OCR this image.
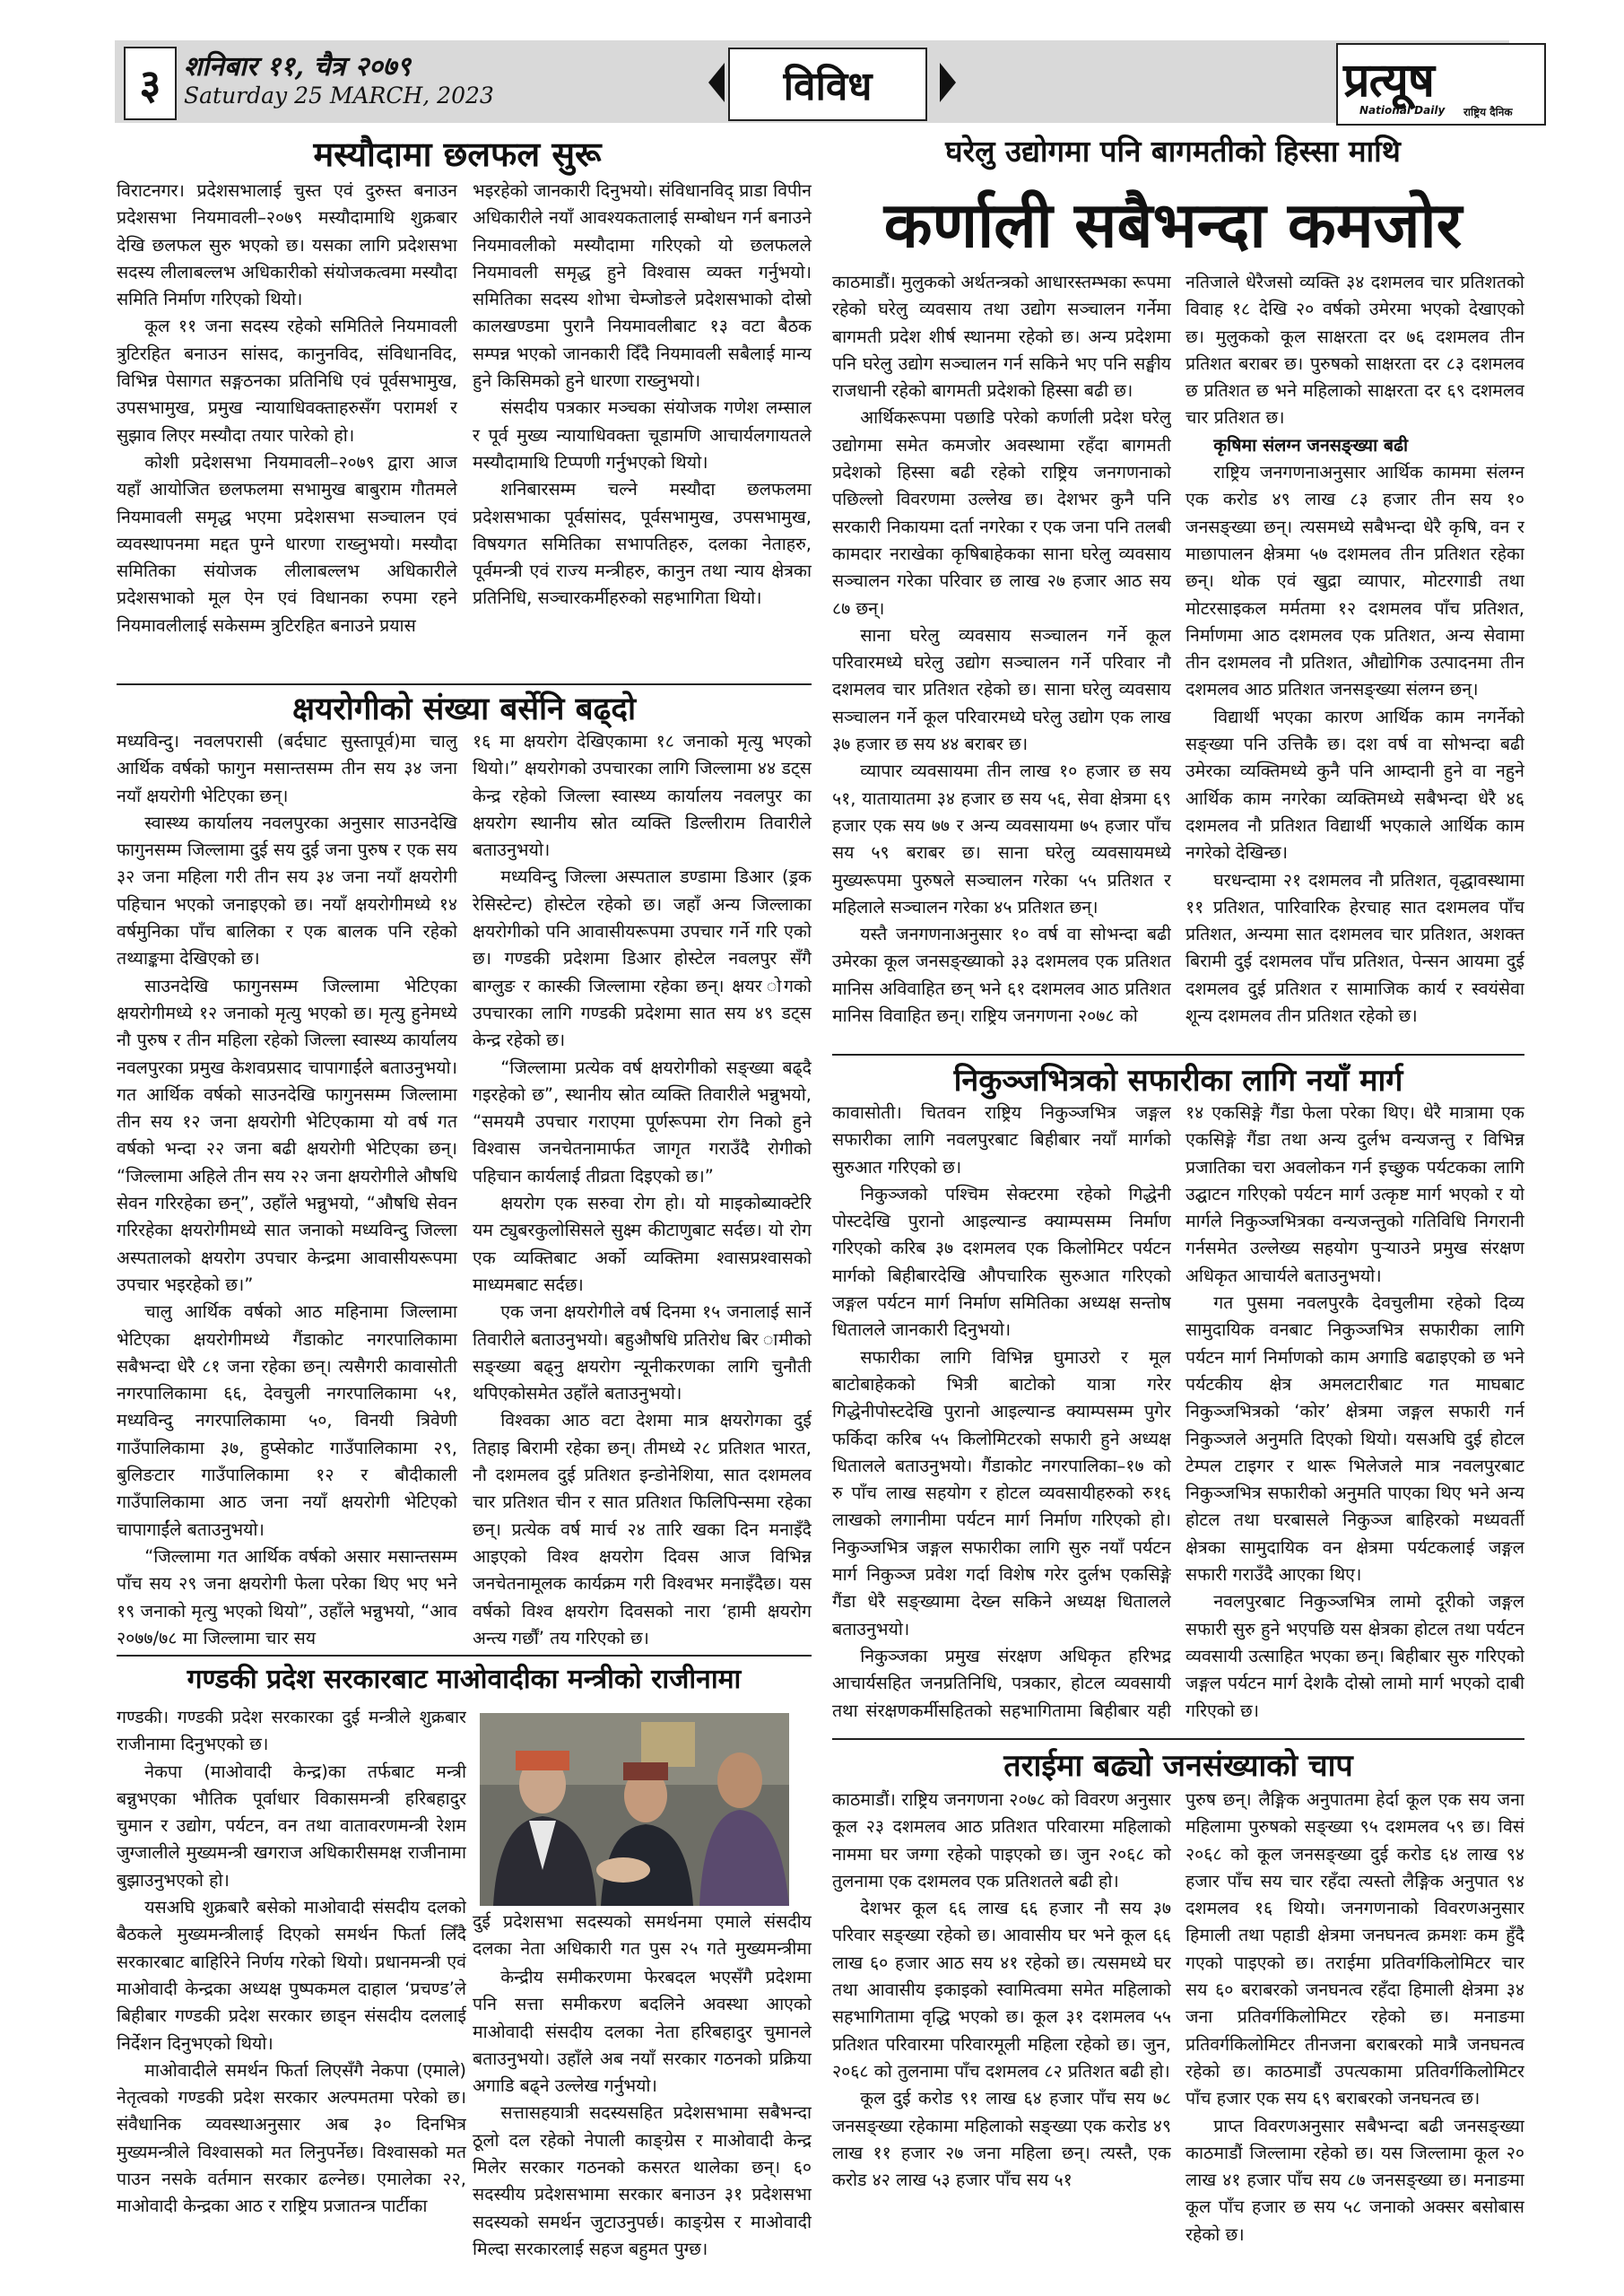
३ शनिबार ११, चैत्र २०७९
Saturday 25 MARCH, 2023	विविध	प्रत्यूष
National Daily राष्ट्रिय दैनिक
मस्यौदामा छलफल सुरू

विराटनगर। प्रदेशसभालाई चुस्त एवं दुरुस्त बनाउन प्रदेशसभा नियमावली–२०७९ मस्यौदामाथि शुक्रबार देखि छलफल सुरु भएको छ। यसका लागि प्रदेशसभा सदस्य लीलाबल्लभ अधिकारीको संयोजकत्वमा मस्यौदा समिति निर्माण गरिएको थियो।

कूल ११ जना सदस्य रहेको समितिले नियमावली त्रुटिरहित बनाउन सांसद, कानुनविद, संविधानविद, विभिन्न पेसागत सङ्गठनका प्रतिनिधि एवं पूर्वसभामुख, उपसभामुख, प्रमुख न्यायाधिवक्ताहरुसँग परामर्श र सुझाव लिएर मस्यौदा तयार पारेको हो।

कोशी प्रदेशसभा नियमावली–२०७९ द्वारा आज यहाँ आयोजित छलफलमा सभामुख बाबुराम गौतमले नियमावली समृद्ध भएमा प्रदेशसभा सञ्चालन एवं व्यवस्थापनमा मद्दत पुग्ने धारणा राख्नुभयो। मस्यौदा समितिका संयोजक लीलाबल्लभ अधिकारीले प्रदेशसभाको मूल ऐन एवं विधानका रुपमा रहने नियमावलीलाई सकेसम्म त्रुटिरहित बनाउने प्रयास

भइरहेको जानकारी दिनुभयो। संविधानविद् प्राडा विपीन अधिकारीले नयाँ आवश्यकतालाई सम्बोधन गर्न बनाउने नियमावलीको मस्यौदामा गरिएको यो छलफलले नियमावली समृद्ध हुने विश्वास व्यक्त गर्नुभयो। समितिका सदस्य शोभा चेम्जोङले प्रदेशसभाको दोस्रो कालखण्डमा पुरानै नियमावलीबाट १३ वटा बैठक सम्पन्न भएको जानकारी दिँदै नियमावली सबैलाई मान्य हुने किसिमको हुने धारणा राख्नुभयो।

संसदीय पत्रकार मञ्चका संयोजक गणेश लम्साल र पूर्व मुख्य न्यायाधिवक्ता चूडामणि आचार्यलगायतले मस्यौदामाथि टिप्पणी गर्नुभएको थियो।

शनिबारसम्म चल्ने मस्यौदा छलफलमा प्रदेशसभाका पूर्वसांसद, पूर्वसभामुख, उपसभामुख, विषयगत समितिका सभापतिहरु, दलका नेताहरु, पूर्वमन्त्री एवं राज्य मन्त्रीहरु, कानुन तथा न्याय क्षेत्रका प्रतिनिधि, सञ्चारकर्मीहरुको सहभागिता थियो।

क्षयरोगीको संख्या बर्सेनि बढ्दो

मध्यविन्दु। नवलपरासी (बर्दघाट सुस्तापूर्व)मा चालु आर्थिक वर्षको फागुन मसान्तसम्म तीन सय ३४ जना नयाँ क्षयरोगी भेटिएका छन्।

स्वास्थ्य कार्यालय नवलपुरका अनुसार साउनदेखि फागुनसम्म जिल्लामा दुई सय दुई जना पुरुष र एक सय ३२ जना महिला गरी तीन सय ३४ जना नयाँ क्षयरोगी पहिचान भएको जनाइएको छ। नयाँ क्षयरोगीमध्ये १४ वर्षमुनिका पाँच बालिका र एक बालक पनि रहेको तथ्याङ्कमा देखिएको छ।

साउनदेखि फागुनसम्म जिल्लामा भेटिएका क्षयरोगीमध्ये १२ जनाको मृत्यु भएको छ। मृत्यु हुनेमध्ये नौ पुरुष र तीन महिला रहेको जिल्ला स्वास्थ्य कार्यालय नवलपुरका प्रमुख केशवप्रसाद चापागाईंले बताउनुभयो। गत आर्थिक वर्षको साउनदेखि फागुनसम्म जिल्लामा तीन सय १२ जना क्षयरोगी भेटिएकामा यो वर्ष गत वर्षको भन्दा २२ जना बढी क्षयरोगी भेटिएका छन्। “जिल्लामा अहिले तीन सय २२ जना क्षयरोगीले औषधि सेवन गरिरहेका छन्”, उहाँले भन्नुभयो, “औषधि सेवन गरिरहेका क्षयरोगीमध्ये सात जनाको मध्यविन्दु जिल्ला अस्पतालको क्षयरोग उपचार केन्द्रमा आवासीयरूपमा उपचार भइरहेको छ।”

चालु आर्थिक वर्षको आठ महिनामा जिल्लामा भेटिएका क्षयरोगीमध्ये गैंडाकोट नगरपालिकामा सबैभन्दा धेरै ८१ जना रहेका छन्। त्यसैगरी कावासोती नगरपालिकामा ६६, देवचुली नगरपालिकामा ५१, मध्यविन्दु नगरपालिकामा ५०, विनयी त्रिवेणी गाउँपालिकामा ३७, हुप्सेकोट गाउँपालिकामा २९, बुलिङटार गाउँपालिकामा १२ र बौदीकाली गाउँपालिकामा आठ जना नयाँ क्षयरोगी भेटिएको चापागाईंले बताउनुभयो।

“जिल्लामा गत आर्थिक वर्षको असार मसान्तसम्म पाँच सय २९ जना क्षयरोगी फेला परेका थिए भए भने १९ जनाको मृत्यु भएको थियो”, उहाँले भन्नुभयो, “आव २०७७/७८ मा जिल्लामा चार सय

१६ मा क्षयरोग देखिएकामा १८ जनाको मृत्यु भएको थियो।” क्षयरोगको उपचारका लागि जिल्लामा ४४ डट्स केन्द्र रहेको जिल्ला स्वास्थ्य कार्यालय नवलपुर का क्षयरोग स्थानीय स्रोत व्यक्ति डिल्लीराम तिवारीले बताउनुभयो।

मध्यविन्दु जिल्ला अस्पताल डण्डामा डिआर (ड्रक रेसिस्टेन्ट) होस्टेल रहेको छ। जहाँ अन्य जिल्लाका क्षयरोगीको पनि आवासीयरूपमा उपचार गर्ने गरि एको छ। गण्डकी प्रदेशमा डिआर होस्टेल नवलपुर सँगै बाग्लुङ र कास्की जिल्लामा रहेका छन्। क्षयर ोगको उपचारका लागि गण्डकी प्रदेशमा सात सय ४९ डट्स केन्द्र रहेको छ।

“जिल्लामा प्रत्येक वर्ष क्षयरोगीको सङ्ख्या बढ्दै गइरहेको छ”, स्थानीय स्रोत व्यक्ति तिवारीले भन्नुभयो, “समयमै उपचार गराएमा पूर्णरूपमा रोग निको हुने विश्वास जनचेतनामार्फत जागृत गराउँदै रोगीको पहिचान कार्यलाई तीव्रता दिइएको छ।”

क्षयरोग एक सरुवा रोग हो। यो माइकोब्याक्टेरि यम ट्युबरकुलोसिसले सुक्ष्म कीटाणुबाट सर्दछ। यो रोग एक व्यक्तिबाट अर्को व्यक्तिमा श्वासप्रश्वासको माध्यमबाट सर्दछ।

एक जना क्षयरोगीले वर्ष दिनमा १५ जनालाई सार्ने तिवारीले बताउनुभयो। बहुऔषधि प्रतिरोध बिर ामीको सङ्ख्या बढ्नु क्षयरोग न्यूनीकरणका लागि चुनौती थपिएकोसमेत उहाँले बताउनुभयो।

विश्वका आठ वटा देशमा मात्र क्षयरोगका दुई तिहाइ बिरामी रहेका छन्। तीमध्ये २८ प्रतिशत भारत, नौ दशमलव दुई प्रतिशत इन्डोनेशिया, सात दशमलव चार प्रतिशत चीन र सात प्रतिशत फिलिपिन्समा रहेका छन्। प्रत्येक वर्ष मार्च २४ तारि खका दिन मनाइँदै आइएको विश्व क्षयरोग दिवस आज विभिन्न जनचेतनामूलक कार्यक्रम गरी विश्वभर मनाइँदैछ। यस वर्षको विश्व क्षयरोग दिवसको नारा ‘हामी क्षयरोग अन्त्य गर्छौं’ तय गरिएको छ।

गण्डकी प्रदेश सरकारबाट माओवादीका मन्त्रीको राजीनामा

गण्डकी। गण्डकी प्रदेश सरकारका दुई मन्त्रीले शुक्रबार राजीनामा दिनुभएको छ।

नेकपा (माओवादी केन्द्र)का तर्फबाट मन्त्री बन्नुभएका भौतिक पूर्वाधार विकासमन्त्री हरिबहादुर चुमान र उद्योग, पर्यटन, वन तथा वातावरणमन्त्री रेशम जुग्जालीले मुख्यमन्त्री खगराज अधिकारीसमक्ष राजीनामा बुझाउनुभएको हो।

यसअघि शुक्रबारै बसेको माओवादी संसदीय दलको बैठकले मुख्यमन्त्रीलाई दिएको समर्थन फिर्ता लिँदै सरकारबाट बाहिरिने निर्णय गरेको थियो। प्रधानमन्त्री एवं माओवादी केन्द्रका अध्यक्ष पुष्पकमल दाहाल ‘प्रचण्ड’ले बिहीबार गण्डकी प्रदेश सरकार छाड्न संसदीय दललाई निर्देशन दिनुभएको थियो।

माओवादीले समर्थन फिर्ता लिएसँगै नेकपा (एमाले) नेतृत्वको गण्डकी प्रदेश सरकार अल्पमतमा परेको छ। संवैधानिक व्यवस्थाअनुसार अब ३० दिनभित्र मुख्यमन्त्रीले विश्वासको मत लिनुपर्नेछ। विश्वासको मत पाउन नसके वर्तमान सरकार ढल्नेछ। एमालेका २२, माओवादी केन्द्रका आठ र राष्ट्रिय प्रजातन्त्र पार्टीका

दुई प्रदेशसभा सदस्यको समर्थनमा एमाले संसदीय दलका नेता अधिकारी गत पुस २५ गते मुख्यमन्त्रीमा

केन्द्रीय समीकरणमा फेरबदल भएसँगै प्रदेशमा पनि सत्ता समीकरण बदलिने अवस्था आएको माओवादी संसदीय दलका नेता हरिबहादुर चुमानले बताउनुभयो। उहाँले अब नयाँ सरकार गठनको प्रक्रिया अगाडि बढ्ने उल्लेख गर्नुभयो।

सत्तासहयात्री सदस्यसहित प्रदेशसभामा सबैभन्दा ठूलो दल रहेको नेपाली काङ्ग्रेस र माओवादी केन्द्र मिलेर सरकार गठनको कसरत थालेका छन्। ६० सदस्यीय प्रदेशसभामा सरकार बनाउन ३१ प्रदेशसभा सदस्यको समर्थन जुटाउनुपर्छ। काङ्ग्रेस र माओवादी मिल्दा सरकारलाई सहज बहुमत पुग्छ।

घरेलु उद्योगमा पनि बागमतीको हिस्सा माथि
कर्णाली सबैभन्दा कमजोर

काठमाडौं। मुलुकको अर्थतन्त्रको आधारस्तम्भका रूपमा रहेको घरेलु व्यवसाय तथा उद्योग सञ्चालन गर्नेमा बागमती प्रदेश शीर्ष स्थानमा रहेको छ। अन्य प्रदेशमा पनि घरेलु उद्योग सञ्चालन गर्न सकिने भए पनि सङ्घीय राजधानी रहेको बागमती प्रदेशको हिस्सा बढी छ।

आर्थिकरूपमा पछाडि परेको कर्णाली प्रदेश घरेलु उद्योगमा समेत कमजोर अवस्थामा रहँदा बागमती प्रदेशको हिस्सा बढी रहेको राष्ट्रिय जनगणनाको पछिल्लो विवरणमा उल्लेख छ। देशभर कुनै पनि सरकारी निकायमा दर्ता नगरेका र एक जना पनि तलबी कामदार नराखेका कृषिबाहेकका साना घरेलु व्यवसाय सञ्चालन गरेका परिवार छ लाख २७ हजार आठ सय ८७ छन्।

साना घरेलु व्यवसाय सञ्चालन गर्ने कूल परिवारमध्ये घरेलु उद्योग सञ्चालन गर्ने परिवार नौ दशमलव चार प्रतिशत रहेको छ। साना घरेलु व्यवसाय सञ्चालन गर्ने कूल परिवारमध्ये घरेलु उद्योग एक लाख ३७ हजार छ सय ४४ बराबर छ।

व्यापार व्यवसायमा तीन लाख १० हजार छ सय ५१, यातायातमा ३४ हजार छ सय ५६, सेवा क्षेत्रमा ६९ हजार एक सय ७७ र अन्य व्यवसायमा ७५ हजार पाँच सय ५९ बराबर छ। साना घरेलु व्यवसायमध्ये मुख्यरूपमा पुरुषले सञ्चालन गरेका ५५ प्रतिशत र महिलाले सञ्चालन गरेका ४५ प्रतिशत छन्।

यस्तै जनगणनाअनुसार १० वर्ष वा सोभन्दा बढी उमेरका कूल जनसङ्ख्याको ३३ दशमलव एक प्रतिशत मानिस अविवाहित छन् भने ६१ दशमलव आठ प्रतिशत मानिस विवाहित छन्। राष्ट्रिय जनगणना २०७८ को

नतिजाले धेरैजसो व्यक्ति ३४ दशमलव चार प्रतिशतको विवाह १८ देखि २० वर्षको उमेरमा भएको देखाएको छ। मुलुकको कूल साक्षरता दर ७६ दशमलव तीन प्रतिशत बराबर छ। पुरुषको साक्षरता दर ८३ दशमलव छ प्रतिशत छ भने महिलाको साक्षरता दर ६९ दशमलव चार प्रतिशत छ।

कृषिमा संलग्न जनसङ्ख्या बढी

राष्ट्रिय जनगणनाअनुसार आर्थिक काममा संलग्न एक करोड ४९ लाख ८३ हजार तीन सय १० जनसङ्ख्या छन्। त्यसमध्ये सबैभन्दा धेरै कृषि, वन र माछापालन क्षेत्रमा ५७ दशमलव तीन प्रतिशत रहेका छन्। थोक एवं खुद्रा व्यापार, मोटरगाडी तथा मोटरसाइकल मर्मतमा १२ दशमलव पाँच प्रतिशत, निर्माणमा आठ दशमलव एक प्रतिशत, अन्य सेवामा तीन दशमलव नौ प्रतिशत, औद्योगिक उत्पादनमा तीन दशमलव आठ प्रतिशत जनसङ्ख्या संलग्न छन्।

विद्यार्थी भएका कारण आर्थिक काम नगर्नेको सङ्ख्या पनि उत्तिकै छ। दश वर्ष वा सोभन्दा बढी उमेरका व्यक्तिमध्ये कुनै पनि आम्दानी हुने वा नहुने आर्थिक काम नगरेका व्यक्तिमध्ये सबैभन्दा धेरै ४६ दशमलव नौ प्रतिशत विद्यार्थी भएकाले आर्थिक काम नगरेको देखिन्छ।

घरधन्दामा २१ दशमलव नौ प्रतिशत, वृद्धावस्थामा ११ प्रतिशत, पारिवारिक हेरचाह सात दशमलव पाँच प्रतिशत, अन्यमा सात दशमलव चार प्रतिशत, अशक्त बिरामी दुई दशमलव पाँच प्रतिशत, पेन्सन आयमा दुई दशमलव दुई प्रतिशत र सामाजिक कार्य र स्वयंसेवा शून्य दशमलव तीन प्रतिशत रहेको छ।

निकुञ्जभित्रको सफारीका लागि नयाँ मार्ग

कावासोती। चितवन राष्ट्रिय निकुञ्जभित्र जङ्गल सफारीका लागि नवलपुरबाट बिहीबार नयाँ मार्गको सुरुआत गरिएको छ।

निकुञ्जको पश्चिम सेक्टरमा रहेको गिद्धेनी पोस्टदेखि पुरानो आइल्यान्ड क्याम्पसम्म निर्माण गरिएको करिब ३७ दशमलव एक किलोमिटर पर्यटन मार्गको बिहीबारदेखि औपचारिक सुरुआत गरिएको जङ्गल पर्यटन मार्ग निर्माण समितिका अध्यक्ष सन्तोष धिताललेे जानकारी दिनुभयो।

सफारीका लागि विभिन्न घुमाउरो र मूल बाटोबाहेकको भित्री बाटोको यात्रा गरेर गिद्धेनीपोस्टदेखि पुरानो आइल्यान्ड क्याम्पसम्म पुगेर फर्किदा करिब ५५ किलोमिटरको सफारी हुने अध्यक्ष धितालले बताउनुभयो। गैंडाकोट नगरपालिका–१७ को रु पाँच लाख सहयोग र होटल व्यवसायीहरुको रु१६ लाखको लगानीमा पर्यटन मार्ग निर्माण गरिएको हो। निकुञ्जभित्र जङ्गल सफारीका लागि सुरु नयाँ पर्यटन मार्ग निकुञ्ज प्रवेश गर्दा विशेष गरेर दुर्लभ एकसिङ्गे गैंडा धेरै सङ्ख्यामा देख्न सकिने अध्यक्ष धितालले बताउनुभयो।

निकुञ्जका प्रमुख संरक्षण अधिकृत हरिभद्र आचार्यसहित जनप्रतिनिधि, पत्रकार, होटल व्यवसायी तथा संरक्षणकर्मीसहितको सहभागितामा बिहीबार यही

१४ एकसिङ्गे गैंडा फेला परेका थिए। धेरै मात्रामा एक एकसिङ्गे गैंडा तथा अन्य दुर्लभ वन्यजन्तु र विभिन्न प्रजातिका चरा अवलोकन गर्न इच्छुक पर्यटकका लागि उद्घाटन गरिएको पर्यटन मार्ग उत्कृष्ट मार्ग भएको र यो मार्गले निकुञ्जभित्रका वन्यजन्तुको गतिविधि निगरानी गर्नसमेत उल्लेख्य सहयोग पुऱ्याउने प्रमुख संरक्षण अधिकृत आचार्यले बताउनुभयो।

गत पुसमा नवलपुरकै देवचुलीमा रहेको दिव्य सामुदायिक वनबाट निकुञ्जभित्र सफारीका लागि पर्यटन मार्ग निर्माणको काम अगाडि बढाइएको छ भने पर्यटकीय क्षेत्र अमलटारीबाट गत माघबाट निकुञ्जभित्रको ‘कोर’ क्षेत्रमा जङ्गल सफारी गर्न निकुञ्जले अनुमति दिएको थियो। यसअघि दुई होटल टेम्पल टाइगर र थारू भिलेजले मात्र नवलपुरबाट निकुञ्जभित्र सफारीको अनुमति पाएका थिए भने अन्य होटल तथा घरबासले निकुञ्ज बाहिरको मध्यवर्ती क्षेत्रका सामुदायिक वन क्षेत्रमा पर्यटकलाई जङ्गल सफारी गराउँदै आएका थिए।

नवलपुरबाट निकुञ्जभित्र लामो दूरीको जङ्गल सफारी सुरु हुने भएपछि यस क्षेत्रका होटल तथा पर्यटन व्यवसायी उत्साहित भएका छन्। बिहीबार सुरु गरिएको जङ्गल पर्यटन मार्ग देशकै दोस्रो लामो मार्ग भएको दाबी गरिएको छ।

तराईमा बढ्यो जनसंख्याको चाप

काठमाडौं। राष्ट्रिय जनगणना २०७८ को विवरण अनुसार कूल २३ दशमलव आठ प्रतिशत परिवारमा महिलाको नाममा घर जग्गा रहेको पाइएको छ। जुन २०६८ को तुलनामा एक दशमलव एक प्रतिशतले बढी हो।

देशभर कूल ६६ लाख ६६ हजार नौ सय ३७ परिवार सङ्ख्या रहेको छ। आवासीय घर भने कूल ६६ लाख ६० हजार आठ सय ४१ रहेको छ। त्यसमध्ये घर तथा आवासीय इकाइको स्वामित्वमा समेत महिलाको सहभागितामा वृद्धि भएको छ। कूल ३१ दशमलव ५५ प्रतिशत परिवारमा परिवारमूली महिला रहेको छ। जुन, २०६८ को तुलनामा पाँच दशमलव ८२ प्रतिशत बढी हो।

कूल दुई करोड ९१ लाख ६४ हजार पाँच सय ७८ जनसङ्ख्या रहेकामा महिलाको सङ्ख्या एक करोड ४९ लाख ११ हजार २७ जना महिला छन्। त्यस्तै, एक करोड ४२ लाख ५३ हजार पाँच सय ५१

पुरुष छन्। लैङ्गिक अनुपातमा हेर्दा कूल एक सय जना महिलामा पुरुषको सङ्ख्या ९५ दशमलव ५९ छ। विसं २०६८ को कूल जनसङ्ख्या दुई करोड ६४ लाख ९४ हजार पाँच सय चार रहँदा त्यस्तो लैङ्गिक अनुपात ९४ दशमलव १६ थियो। जनगणनाको विवरणअनुसार हिमाली तथा पहाडी क्षेत्रमा जनघनत्व क्रमशः कम हुँदै गएको पाइएको छ। तराईमा प्रतिवर्गकिलोमिटर चार सय ६० बराबरको जनघनत्व रहँदा हिमाली क्षेत्रमा ३४ जना प्रतिवर्गकिलोमिटर रहेको छ। मनाङमा प्रतिवर्गकिलोमिटर तीनजना बराबरको मात्रै जनघनत्व रहेको छ। काठमाडौं उपत्यकामा प्रतिवर्गकिलोमिटर पाँच हजार एक सय ६९ बराबरको जनघनत्व छ।

प्राप्त विवरणअनुसार सबैभन्दा बढी जनसङ्ख्या काठमाडौं जिल्लामा रहेको छ। यस जिल्लामा कूल २० लाख ४१ हजार पाँच सय ८७ जनसङ्ख्या छ। मनाङमा कूल पाँच हजार छ सय ५८ जनाको अक्सर बसोबास रहेको छ।
